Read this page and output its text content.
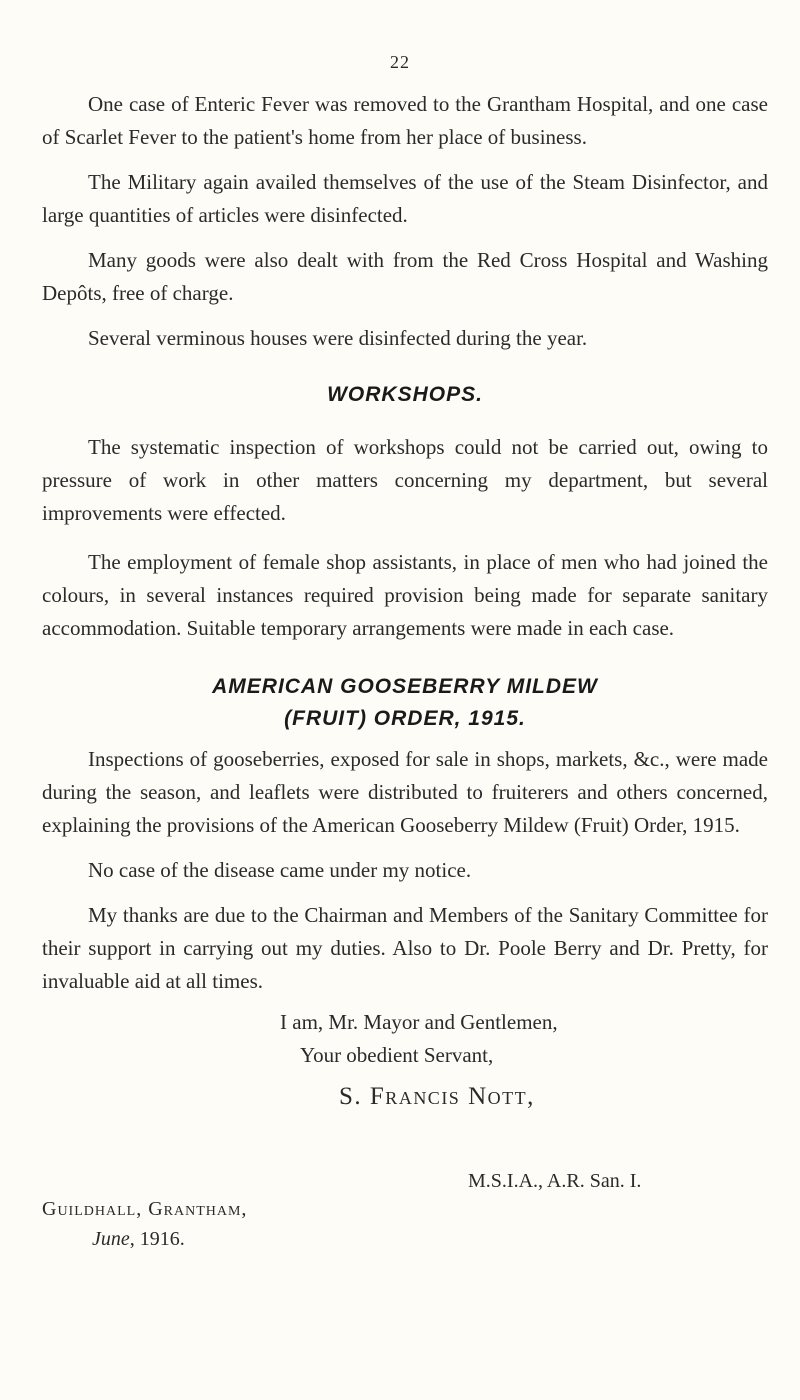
22

One case of Enteric Fever was removed to the Grantham Hospital, and one case of Scarlet Fever to the patient's home from her place of business.

The Military again availed themselves of the use of the Steam Disinfector, and large quantities of articles were disinfected.

Many goods were also dealt with from the Red Cross Hospital and Washing Depôts, free of charge.

Several verminous houses were disinfected during the year.

WORKSHOPS.

The systematic inspection of workshops could not be carried out, owing to pressure of work in other matters concerning my department, but several improvements were effected.

The employment of female shop assistants, in place of men who had joined the colours, in several instances required provision being made for separate sanitary accommodation. Suitable temporary arrangements were made in each case.

AMERICAN GOOSEBERRY MILDEW
(FRUIT) ORDER, 1915.

Inspections of gooseberries, exposed for sale in shops, markets, &c., were made during the season, and leaflets were distributed to fruiterers and others concerned, explaining the provisions of the American Gooseberry Mildew (Fruit) Order, 1915.

No case of the disease came under my notice.

My thanks are due to the Chairman and Members of the Sanitary Committee for their support in carrying out my duties. Also to Dr. Poole Berry and Dr. Pretty, for invaluable aid at all times.

I am, Mr. Mayor and Gentlemen,
Your obedient Servant,
S. Francis Nott,
M.S.I.A., A.R. San. I.
Guildhall, Grantham,
June, 1916.
